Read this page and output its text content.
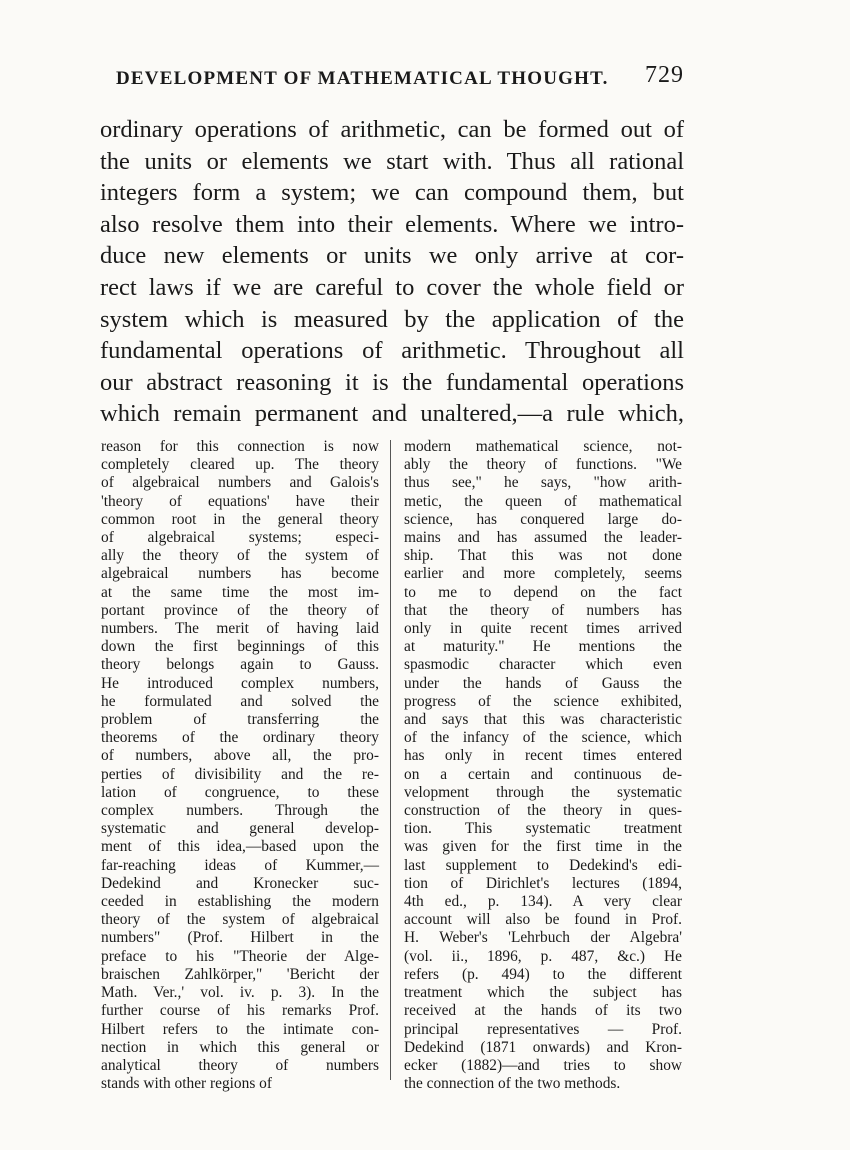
DEVELOPMENT OF MATHEMATICAL THOUGHT. 729
ordinary operations of arithmetic, can be formed out of
the units or elements we start with. Thus all rational
integers form a system; we can compound them, but
also resolve them into their elements. Where we intro-
duce new elements or units we only arrive at cor-
rect laws if we are careful to cover the whole field or
system which is measured by the application of the
fundamental operations of arithmetic. Throughout all
our abstract reasoning it is the fundamental operations
which remain permanent and unaltered,—a rule which,
reason for this connection is now
completely cleared up. The theory
of algebraical numbers and Galois's
'theory of equations' have their
common root in the general theory
of algebraical systems; especi-
ally the theory of the system of
algebraical numbers has become
at the same time the most im-
portant province of the theory of
numbers. The merit of having laid
down the first beginnings of this
theory belongs again to Gauss.
He introduced complex numbers,
he formulated and solved the
problem of transferring the
theorems of the ordinary theory
of numbers, above all, the pro-
perties of divisibility and the re-
lation of congruence, to these
complex numbers. Through the
systematic and general develop-
ment of this idea,—based upon the
far-reaching ideas of Kummer,—
Dedekind and Kronecker suc-
ceeded in establishing the modern
theory of the system of algebraical
numbers" (Prof. Hilbert in the
preface to his "Theorie der Alge-
braischen Zahlkörper," 'Bericht der
Math. Ver.,' vol. iv. p. 3). In the
further course of his remarks Prof.
Hilbert refers to the intimate con-
nection in which this general or
analytical theory of numbers
stands with other regions of
modern mathematical science, not-
ably the theory of functions. "We
thus see," he says, "how arith-
metic, the queen of mathematical
science, has conquered large do-
mains and has assumed the leader-
ship. That this was not done
earlier and more completely, seems
to me to depend on the fact
that the theory of numbers has
only in quite recent times arrived
at maturity." He mentions the
spasmodic character which even
under the hands of Gauss the
progress of the science exhibited,
and says that this was characteristic
of the infancy of the science, which
has only in recent times entered
on a certain and continuous de-
velopment through the systematic
construction of the theory in ques-
tion. This systematic treatment
was given for the first time in the
last supplement to Dedekind's edi-
tion of Dirichlet's lectures (1894,
4th ed., p. 134). A very clear
account will also be found in Prof.
H. Weber's 'Lehrbuch der Algebra'
(vol. ii., 1896, p. 487, &c.) He
refers (p. 494) to the different
treatment which the subject has
received at the hands of its two
principal representatives — Prof.
Dedekind (1871 onwards) and Kron-
ecker (1882)—and tries to show
the connection of the two methods.
